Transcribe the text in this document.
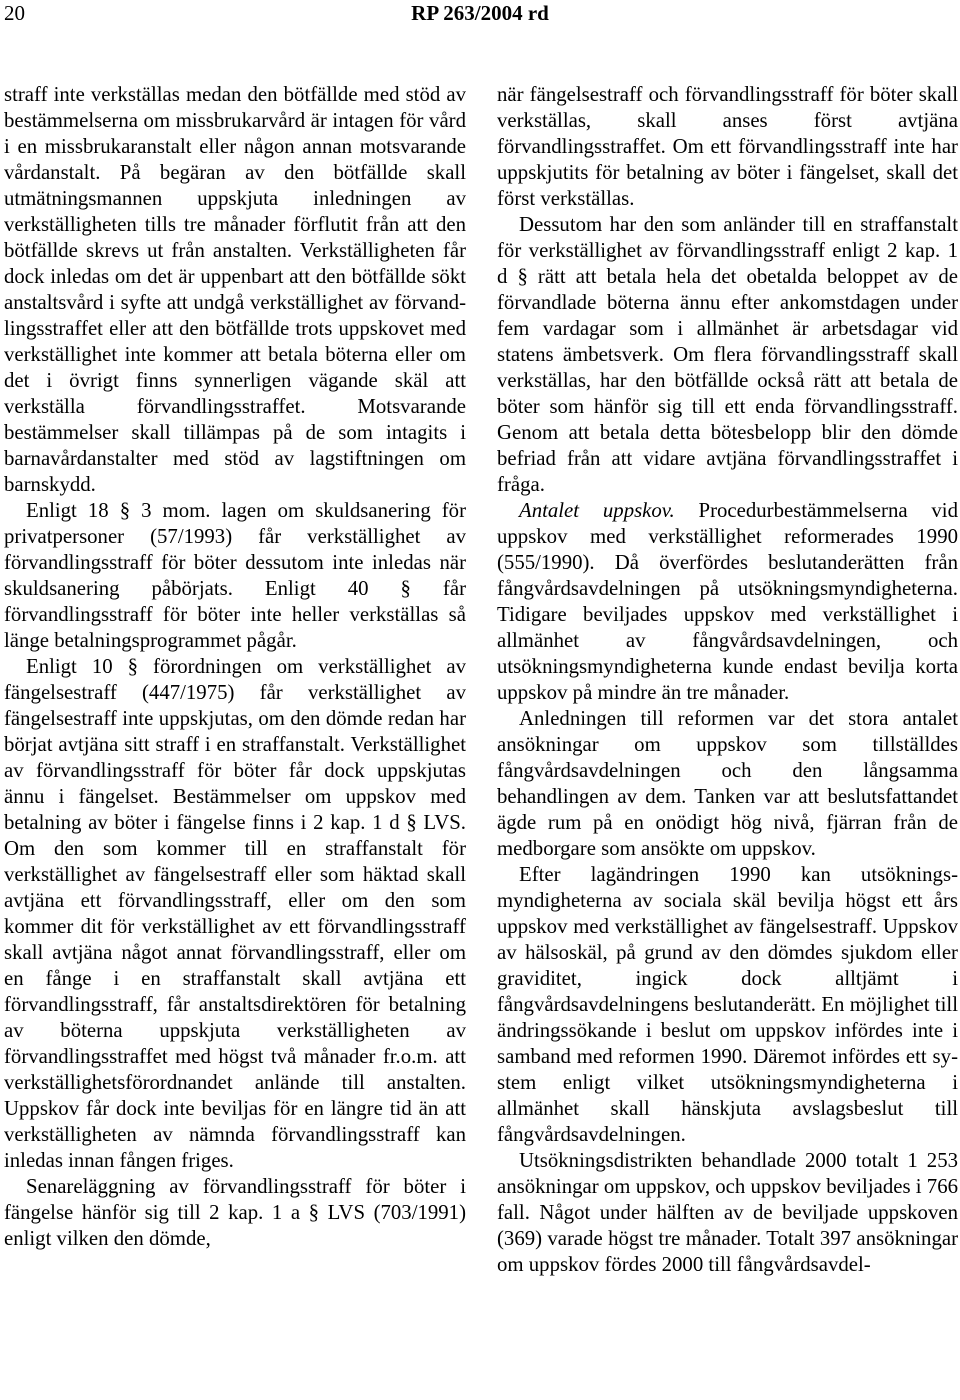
20	RP 263/2004 rd

straff inte verkställas medan den bötfällde med stöd av bestämmelserna om missbrukarvård är intagen för vård i en missbrukaranstalt eller någon annan motsvarande vårdanstalt. På begäran av den bötfällde skall utmätningsmannen uppskjuta inledningen av verkställigheten tills tre månader förflutit från att den bötfällde skrevs ut från anstalten. Verkställigheten får dock inledas om det är uppenbart att den bötfällde sökt anstaltsvård i syfte att undgå verkställighet av förvandlingsstraffet eller att den bötfällde trots uppskovet med verkställighet inte kommer att betala böterna eller om det i övrigt finns synnerligen vägande skäl att verkställa förvandlingsstraffet. Motsvarande bestämmelser skall tillämpas på de som intagits i barnavårdanstalter med stöd av lagstiftningen om barnskydd.

Enligt 18 § 3 mom. lagen om skuldsanering för privatpersoner (57/1993) får verkställighet av förvandlingsstraff för böter dessutom inte inledas när skuldsanering påbörjats. Enligt 40 § får förvandlingsstraff för böter inte heller verkställas så länge betalningsprogrammet pågår.

Enligt 10 § förordningen om verkställighet av fängelsestraff (447/1975) får verkställighet av fängelsestraff inte uppskjutas, om den dömde redan har börjat avtjäna sitt straff i en straffanstalt. Verkställighet av förvandlingsstraff för böter får dock uppskjutas ännu i fängelset. Bestämmelser om uppskov med betalning av böter i fängelse finns i 2 kap. 1 d § LVS. Om den som kommer till en straffanstalt för verkställighet av fängelsestraff eller som häktad skall avtjäna ett förvandlingsstraff, eller om den som kommer dit för verkställighet av ett förvandlingsstraff skall avtjäna något annat förvandlingsstraff, eller om en fånge i en straffanstalt skall avtjäna ett förvandlingsstraff, får anstaltsdirektören för betalning av böterna uppskjuta verkställigheten av förvandlingsstraffet med högst två månader fr.o.m. att verkställighetsförordnandet anlände till anstalten. Uppskov får dock inte beviljas för en längre tid än att verkställigheten av nämnda förvandlingsstraff kan inledas innan fången friges.

Senareläggning av förvandlingsstraff för böter i fängelse hänför sig till 2 kap. 1 a § LVS (703/1991) enligt vilken den dömde,

när fängelsestraff och förvandlingsstraff för böter skall verkställas, skall anses först avtjäna förvandlingsstraffet. Om ett förvandlingsstraff inte har uppskjutits för betalning av böter i fängelset, skall det först verkställas.

Dessutom har den som anländer till en straffanstalt för verkställighet av förvandlingsstraff enligt 2 kap. 1 d § rätt att betala hela det obetalda beloppet av de förvandlade böterna ännu efter ankomstdagen under fem vardagar som i allmänhet är arbetsdagar vid statens ämbetsverk. Om flera förvandlingsstraff skall verkställas, har den bötfällde också rätt att betala de böter som hänför sig till ett enda förvandlingsstraff. Genom att betala detta bötesbelopp blir den dömde befriad från att vidare avtjäna förvandlingsstraffet i fråga.

Antalet uppskov. Procedurbestämmelserna vid uppskov med verkställighet reformerades 1990 (555/1990). Då överfördes beslutanderätten från fångvårdsavdelningen på utsökningsmyndigheterna. Tidigare beviljades uppskov med verkställighet i allmänhet av fångvårdsavdelningen, och utsökningsmyndigheterna kunde endast bevilja korta uppskov på mindre än tre månader.

Anledningen till reformen var det stora antalet ansökningar om uppskov som tillställdes fångvårdsavdelningen och den långsamma behandlingen av dem. Tanken var att beslutsfattandet ägde rum på en onödigt hög nivå, fjärran från de medborgare som ansökte om uppskov.

Efter lagändringen 1990 kan utsökningsmyndigheterna av sociala skäl bevilja högst ett års uppskov med verkställighet av fängelsestraff. Uppskov av hälsoskäl, på grund av den dömdes sjukdom eller graviditet, ingick dock alltjämt i fångvårdsavdelningens beslutanderätt. En möjlighet till ändringssökande i beslut om uppskov infördes inte i samband med reformen 1990. Däremot infördes ett system enligt vilket utsökningsmyndigheterna i allmänhet skall hänskjuta avslagsbeslut till fångvårdsavdelningen.

Utsökningsdistrikten behandlade 2000 totalt 1 253 ansökningar om uppskov, och uppskov beviljades i 766 fall. Något under hälften av de beviljade uppskoven (369) varade högst tre månader. Totalt 397 ansökningar om uppskov fördes 2000 till fångvårdsavdel-
